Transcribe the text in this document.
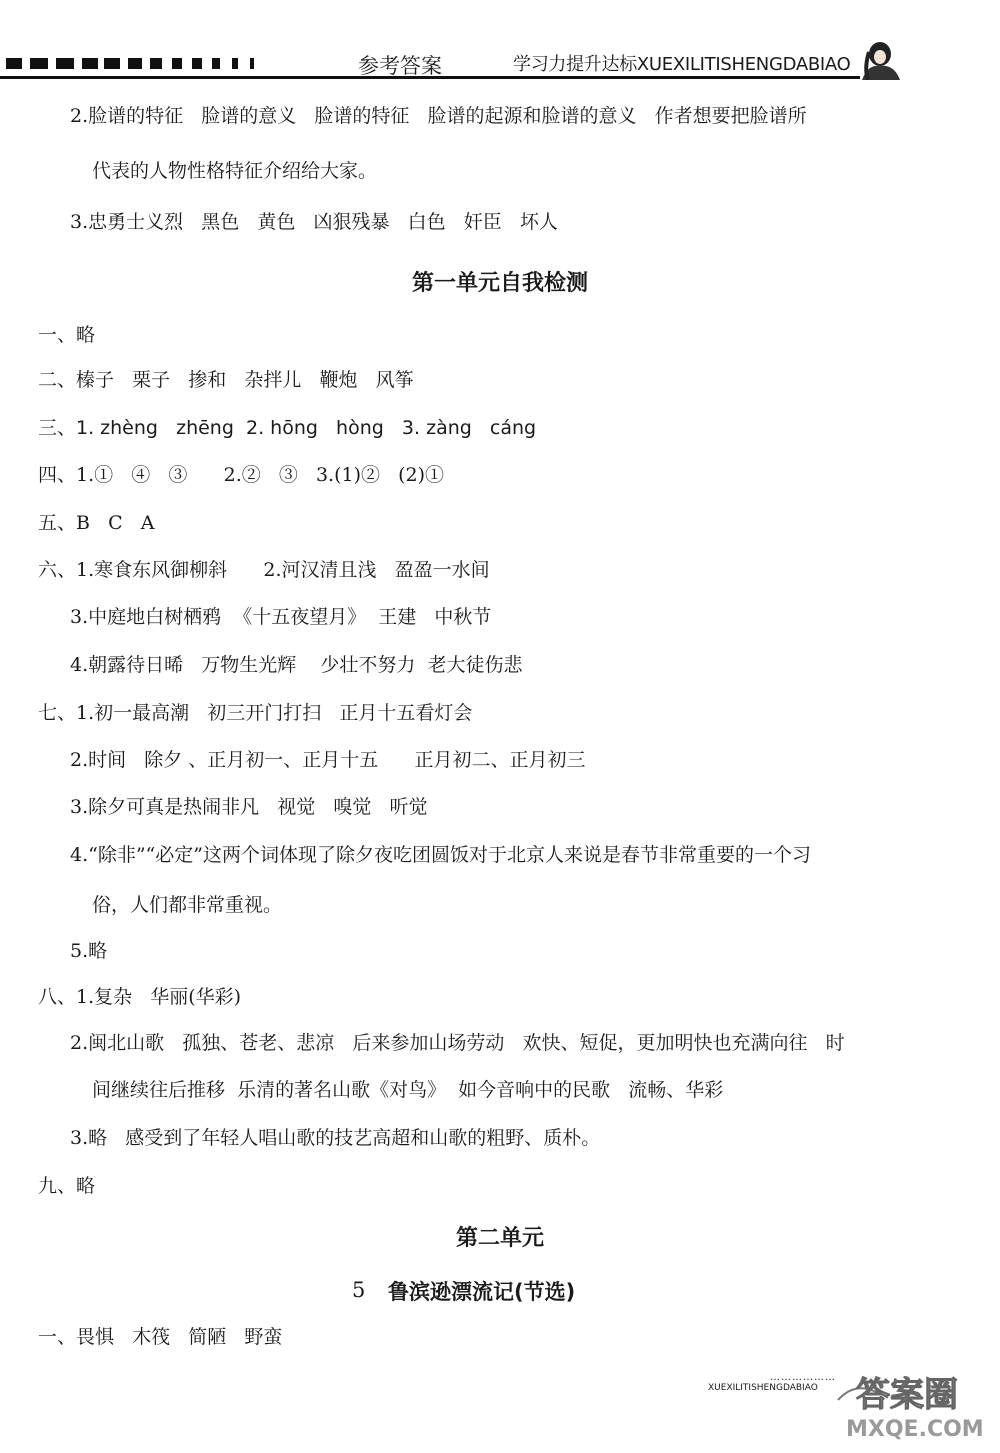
参考答案	学习力提升达标XUEXILITISHENGDABIAO
2.脸谱的特征   脸谱的意义   脸谱的特征   脸谱的起源和脸谱的意义   作者想要把脸谱所
代表的人物性格特征介绍给大家。
3.忠勇士义烈   黑色   黄色   凶狠残暴   白色   奸臣   坏人
第一单元自我检测
一、略
二、榛子   栗子   掺和   杂拌儿   鞭炮   风筝
三、1. zhèng   zhēng  2. hōng   hòng   3. zàng   cáng
四、1.①   ④   ③      2.②   ③   3.(1)②   (2)①
五、B   C   A
六、1.寒食东风御柳斜      2.河汉清且浅   盈盈一水间
3.中庭地白树栖鸦  《十五夜望月》  王建   中秋节
4.朝露待日晞   万物生光辉    少壮不努力  老大徒伤悲
七、1.初一最高潮   初三开门打扫   正月十五看灯会
2.时间   除夕 、正月初一、正月十五      正月初二、正月初三
3.除夕可真是热闹非凡   视觉   嗅觉   听觉
4.“除非”“必定”这两个词体现了除夕夜吃团圆饭对于北京人来说是春节非常重要的一个习
俗，人们都非常重视。
5.略
八、1.复杂   华丽(华彩)
2.闽北山歌   孤独、苍老、悲凉   后来参加山场劳动   欢快、短促，更加明快也充满向往   时
间继续往后推移  乐清的著名山歌《对鸟》  如今音响中的民歌   流畅、华彩
3.略   感受到了年轻人唱山歌的技艺高超和山歌的粗野、质朴。
九、略
第二单元
5 鲁滨逊漂流记(节选)
一、畏惧   木筏   简陋   野蛮
………………
XUEXILITISHENGDABIAO 答案圈
MXQE.COM
